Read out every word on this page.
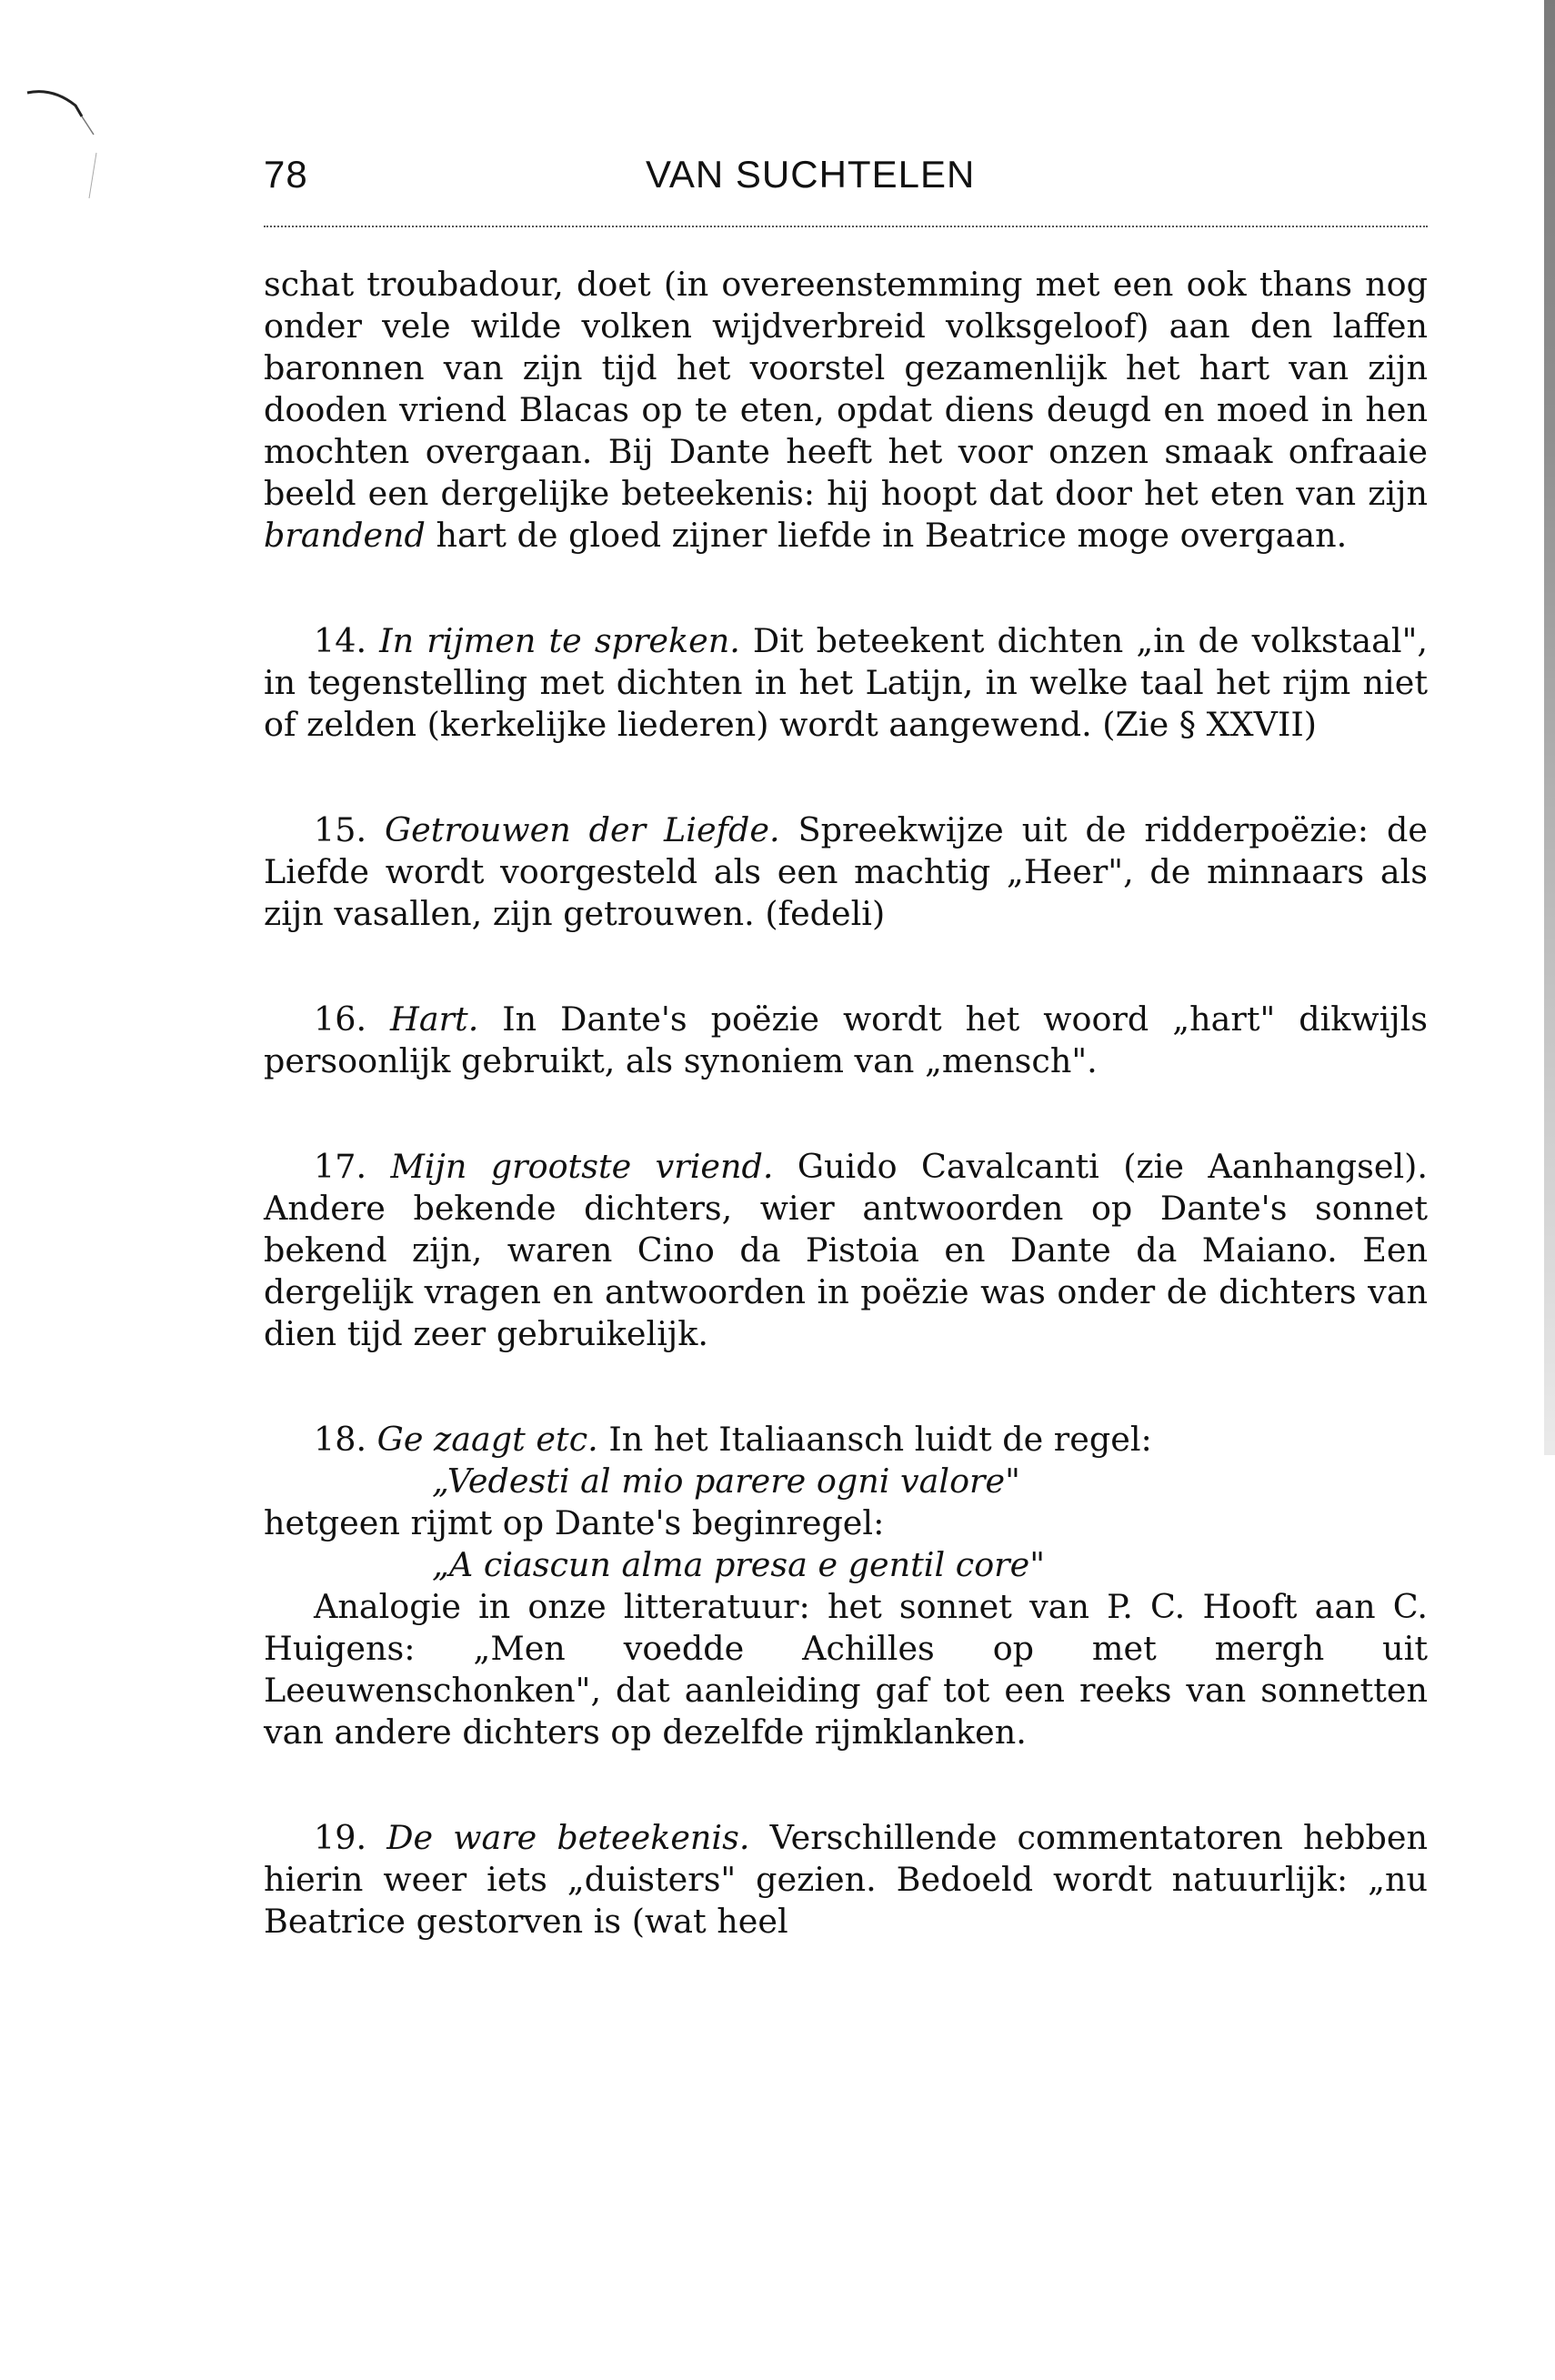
78	VAN SUCHTELEN

schat troubadour, doet (in overeenstemming met een ook thans nog onder vele wilde volken wijdverbreid volksgeloof) aan den laffen baronnen van zijn tijd het voorstel gezamenlijk het hart van zijn dooden vriend Blacas op te eten, opdat diens deugd en moed in hen mochten overgaan. Bij Dante heeft het voor onzen smaak onfraaie beeld een dergelijke beteekenis: hij hoopt dat door het eten van zijn brandend hart de gloed zijner liefde in Beatrice moge overgaan.

14. In rijmen te spreken. Dit beteekent dichten „in de volkstaal", in tegenstelling met dichten in het Latijn, in welke taal het rijm niet of zelden (kerkelijke liederen) wordt aangewend. (Zie § XXVII)

15. Getrouwen der Liefde. Spreekwijze uit de ridderpoëzie: de Liefde wordt voorgesteld als een machtig „Heer", de minnaars als zijn vasallen, zijn getrouwen. (fedeli)

16. Hart. In Dante's poëzie wordt het woord „hart" dikwijls persoonlijk gebruikt, als synoniem van „mensch".

17. Mijn grootste vriend. Guido Cavalcanti (zie Aanhangsel). Andere bekende dichters, wier antwoorden op Dante's sonnet bekend zijn, waren Cino da Pistoia en Dante da Maiano. Een dergelijk vragen en antwoorden in poëzie was onder de dichters van dien tijd zeer gebruikelijk.

18. Ge zaagt etc. In het Italiaansch luidt de regel:

„Vedesti al mio parere ogni valore"

hetgeen rijmt op Dante's beginregel:

„A ciascun alma presa e gentil core"

Analogie in onze litteratuur: het sonnet van P. C. Hooft aan C. Huigens: „Men voedde Achilles op met mergh uit Leeuwenschonken", dat aanleiding gaf tot een reeks van sonnetten van andere dichters op dezelfde rijmklanken.

19. De ware beteekenis. Verschillende commentatoren hebben hierin weer iets „duisters" gezien. Bedoeld wordt natuurlijk: „nu Beatrice gestorven is (wat heel
